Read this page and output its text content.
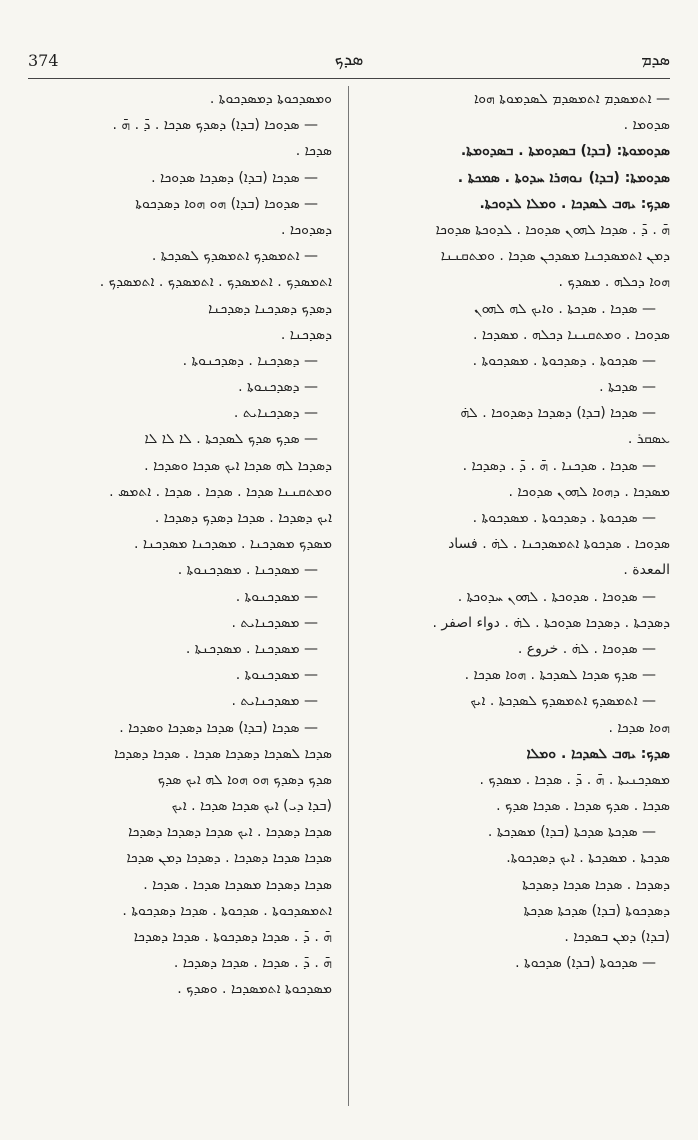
374	ܣܕܟ	ܣܕܡ
— ܐܬܡܣܕܡ ܐܬܡܣܕܡ ܠܣܕܡܘܬܐ ܗܘܐ
ܣܕܘܡܐ .
ܣܕܘܡܘܬܐ: (ܒܕܐ) ܒܣܕܘܡܬܐ . ܒܣܕܘܡܬܐ.
ܣܕܘܡܬܐ: (ܒܕܐ) ܢܘܗܪܐ ܚܕܘܬܐ . ܣܡܟܬܐ .
ܣܕܟ: ܝܗܒ ܠܣܕܟܐ . ܘܡܠܐ ܠܕܘܟܬܐ.
ܗ̄ . ܕ̄ . ܣܕܟܐ ܠܗܘܢ ܣܕܘܟܐ . ܠܕܘܟܬܐ ܣܕܘܟܐ
ܕܡܢ ܐܬܡܣܕܟܢܐ ܡܣܕܟܢ ܣܕܟܐ . ܘܡܬܩܢܢܐ
ܗܘܐ ܕܟܠܗ . ܡܣܕܟ .
— ܣܕܟܐ . ܣܕܟܬܐ . ܘܐܝܟ ܠܗ ܠܗܘܢ
ܣܕܘܟܐ . ܘܡܬܩܢܢܐ ܕܟܠܗ . ܡܣܕܟܐ .
— ܣܕܟܘܬܐ . ܕܣܕܟܘܬܐ . ܡܣܕܟܘܬܐ .
— ܣܕܟܬܐ .
— ܣܕܟܐ (ܒܕܐ) ܕܣܕܟܐ ܕܣܕܘܟܐ . ܠܗ̇
ܥܣܩܪ .
— ܣܕܟܐ . ܣܕܟܢܐ . ܗ̄ . ܕ̄ . ܕܣܕܟܐ .
ܡܣܕܟܐ . ܕܗܘܐ ܠܗܘܢ ܣܕܘܟܐ .
— ܣܕܟܘܬܐ . ܕܣܕܟܘܬܐ . ܡܣܕܟܘܬܐ .
ܣܕܘܟܐ . ܣܕܟܘܬܐ ܐܬܡܣܕܟܢܐ . ܠܗ̇ . فساد
المعدة .
— ܣܕܘܟܐ . ܣܕܘܟܬܐ . ܠܗܘܢ ܚܕܘܟܬܐ .
ܕܣܕܟܬܐ . ܕܣܕܟܐ ܣܕܘܟܬܐ . ܠܗ̇ . دواء اصفر .
— ܣܕܘܟܐ . ܠܗ̇ . خروع .
— ܣܕܟ ܣܕܟܐ ܠܣܕܟܬܐ . ܗܘܐ ܣܕܟܐ .
— ܐܬܡܣܕܟ ܐܬܡܣܕܟ ܠܣܕܟܬܐ . ܐܝܟ
ܗܘܐ ܣܕܟܐ .
ܣܕܟ: ܝܗܒ ܠܣܕܟܐ . ܘܡܠܐ
ܡܣܕܟܢܝܬܐ . ܗ̄ . ܕ̄ . ܣܕܟܐ . ܡܣܕܟ .
ܣܕܟܐ . ܣܕܟ ܣܕܟܐ . ܣܕܟܐ ܣܕܟ .
— ܣܕܟܬܐ ܣܕܟܬܐ (ܒܕܐ) ܡܣܕܟܬܐ .
ܣܕܟܬܐ . ܡܣܕܟܬܐ . ܐܝܟ ܕܣܕܟܘܬܐ.
ܕܣܕܟܐ . ܣܕܟܐ ܣܕܟܐ ܕܣܕܟܬܐ
ܕܣܕܟܘܬܐ (ܒܕܐ) ܣܕܟܬܐ ܣܕܟܬܐ
(ܒܕܐ) ܕܡܢ ܒܣܕܟܐ .
— ܣܕܟܘܬܐ (ܒܕܐ) ܣܕܟܘܬܐ .
ܘܡܣܕܟܘܬܐ ܕܡܣܕܟܘܬܐ .
— ܣܕܘܟܐ (ܒܕܐ) ܕܣܕܟ ܣܕܟܐ . ܕ̄ . ܗ̄ .
ܣܕܟܐ .
— ܣܕܟܐ (ܒܕܐ) ܕܣܕܟܐ ܣܕܘܟܐ .
— ܣܕܘܟܐ (ܒܕܐ) ܗܘ ܗܘܐ ܕܣܕܟܘܬܐ
ܕܣܕܘܟܐ .
— ܐܬܡܣܕܟ ܐܬܡܣܕܟ ܠܣܕܟܬܐ .
ܐܬܡܣܕܟ . ܐܬܡܣܕܟ . ܐܬܡܣܕܟ . ܐܬܡܣܕܟ .
ܕܣܕܟ ܕܣܕܟܢܐ ܕܣܕܟܢܐ
ܕܣܕܟܢܐ .
— ܕܣܕܟܢܐ . ܕܣܕܟܢܘܬܐ .
— ܕܣܕܟܢܘܬܐ .
— ܕܣܕܟܢܐܝܬ .
— ܣܕܟ ܣܕܟ ܠܣܕܟܬܐ . ܠܐ ܠܐ ܠܐ
ܕܣܕܟܐ ܠܗ ܣܕܟܐ ܐܝܟ ܣܕܟܐ ܘܣܕܟܐ .
ܘܡܬܩܢܢܐ ܣܕܟܐ . ܣܕܟܐ . ܣܕܟܐ . ܐܬܡܣ .
ܐܝܟ ܕܣܕܟܐ . ܣܕܟܐ ܕܣܕܟ ܕܣܕܟܐ .
ܡܣܕܟ ܡܣܕܟܢܐ . ܡܣܕܟܢܐ ܡܣܕܟܢܐ .
— ܡܣܕܟܢܐ . ܡܣܕܟܢܘܬܐ .
— ܡܣܕܟܢܘܬܐ .
— ܡܣܕܟܢܐܝܬ .
— ܡܣܕܟܢܐ . ܡܣܕܟܢܬܐ .
— ܡܣܕܟܢܘܬܐ .
— ܡܣܕܟܢܐܝܬ .
— ܣܕܟܐ (ܒܕܐ) ܣܕܟܐ ܕܣܕܟܐ ܘܣܕܟܐ .
ܣܕܟܐ ܠܣܕܟܐ ܕܣܕܟܐ ܣܕܟܐ . ܣܕܟܐ ܕܣܕܟܐ
ܣܕܟ ܕܣܕܟ ܗܘ ܗܘܐ ܠܗ ܐܝܟ ܣܕܟ
(ܒܕܐ ܕܝ) ܐܝܟ ܣܕܟܐ ܣܕܟܐ . ܐܝܟ
ܣܕܟܐ ܕܣܕܟܐ . ܐܝܟ ܣܕܟܐ ܕܣܕܟܐ ܕܣܕܟܐ
ܣܕܟܐ ܣܕܟܐ ܕܣܕܟܐ . ܕܣܕܟܐ ܕܡܢ ܣܕܟܐ
ܣܕܟܐ ܕܣܕܟܐ ܡܣܕܟܐ ܣܕܟܐ . ܣܕܟܐ .
ܐܬܡܣܕܟܘܬܐ . ܣܕܟܘܬܐ . ܣܕܟܐ ܕܣܕܟܘܬܐ .
ܗ̄ . ܕ̄ . ܣܕܟܐ ܕܣܕܟܘܬܐ . ܣܕܟܐ ܕܣܕܟܐ
ܗ̄ . ܕ̄ . ܣܕܟܐ . ܣܕܟܐ ܕܣܕܟܐ .
ܡܣܕܟܘܬܐ ܐܬܡܣܕܟܐ . ܘܣܕܟ .
